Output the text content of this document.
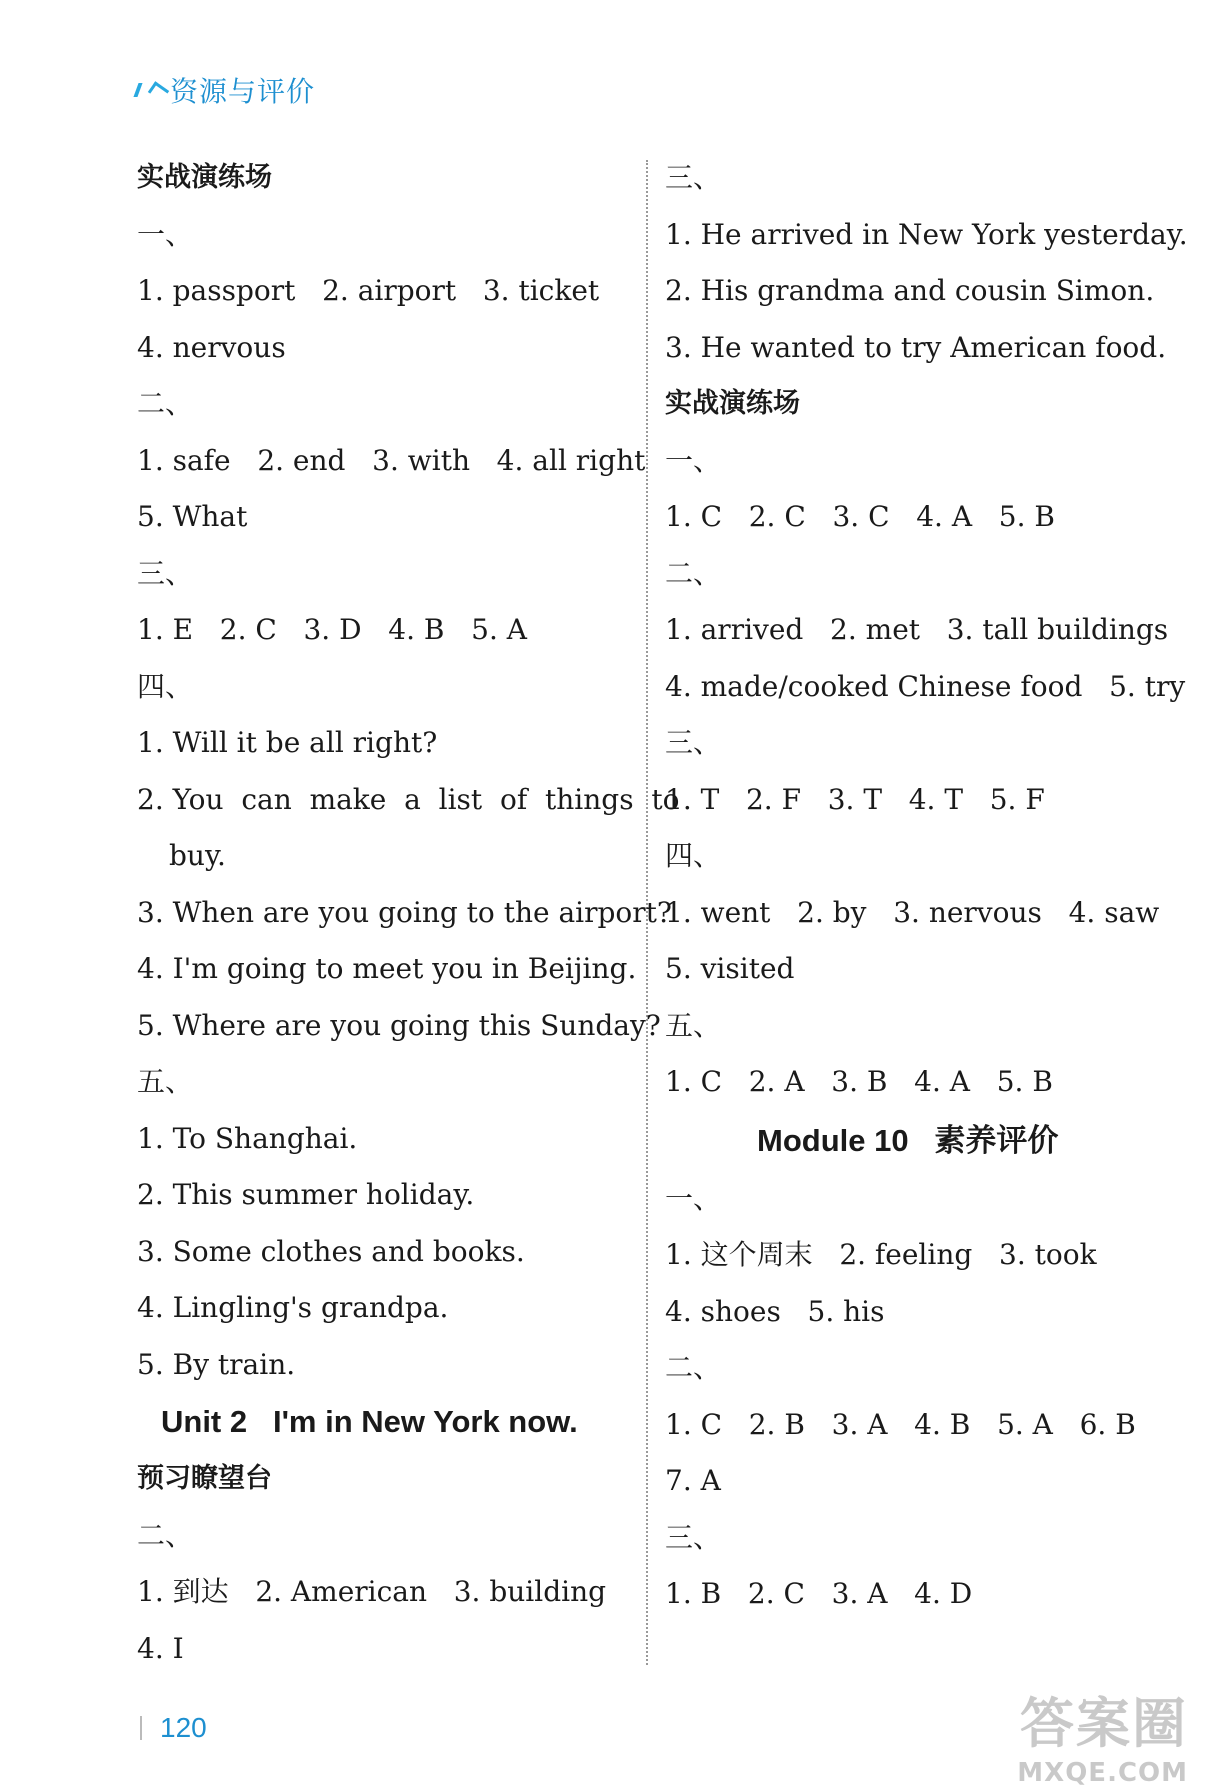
资源与评价
实战演练场
一、
1. passport   2. airport   3. ticket
4. nervous
二、
1. safe   2. end   3. with   4. all right
5. What
三、
1. E   2. C   3. D   4. B   5. A
四、
1. Will it be all right?
2. You  can  make  a  list  of  things  to
buy.
3. When are you going to the airport?
4. I'm going to meet you in Beijing.
5. Where are you going this Sunday?
五、
1. To Shanghai.
2. This summer holiday.
3. Some clothes and books.
4. Lingling's grandpa.
5. By train.
Unit 2   I'm in New York now.
预习瞭望台
二、
1. 到达   2. American   3. building
4. I
三、
1. He arrived in New York yesterday.
2. His grandma and cousin Simon.
3. He wanted to try American food.
实战演练场
一、
1. C   2. C   3. C   4. A   5. B
二、
1. arrived   2. met   3. tall buildings
4. made/cooked Chinese food   5. try
三、
1. T   2. F   3. T   4. T   5. F
四、
1. went   2. by   3. nervous   4. saw
5. visited
五、
1. C   2. A   3. B   4. A   5. B
Module 10   素养评价
一、
1. 这个周末   2. feeling   3. took
4. shoes   5. his
二、
1. C   2. B   3. A   4. B   5. A   6. B
7. A
三、
1. B   2. C   3. A   4. D
120	答案圈
MXQE.COM
